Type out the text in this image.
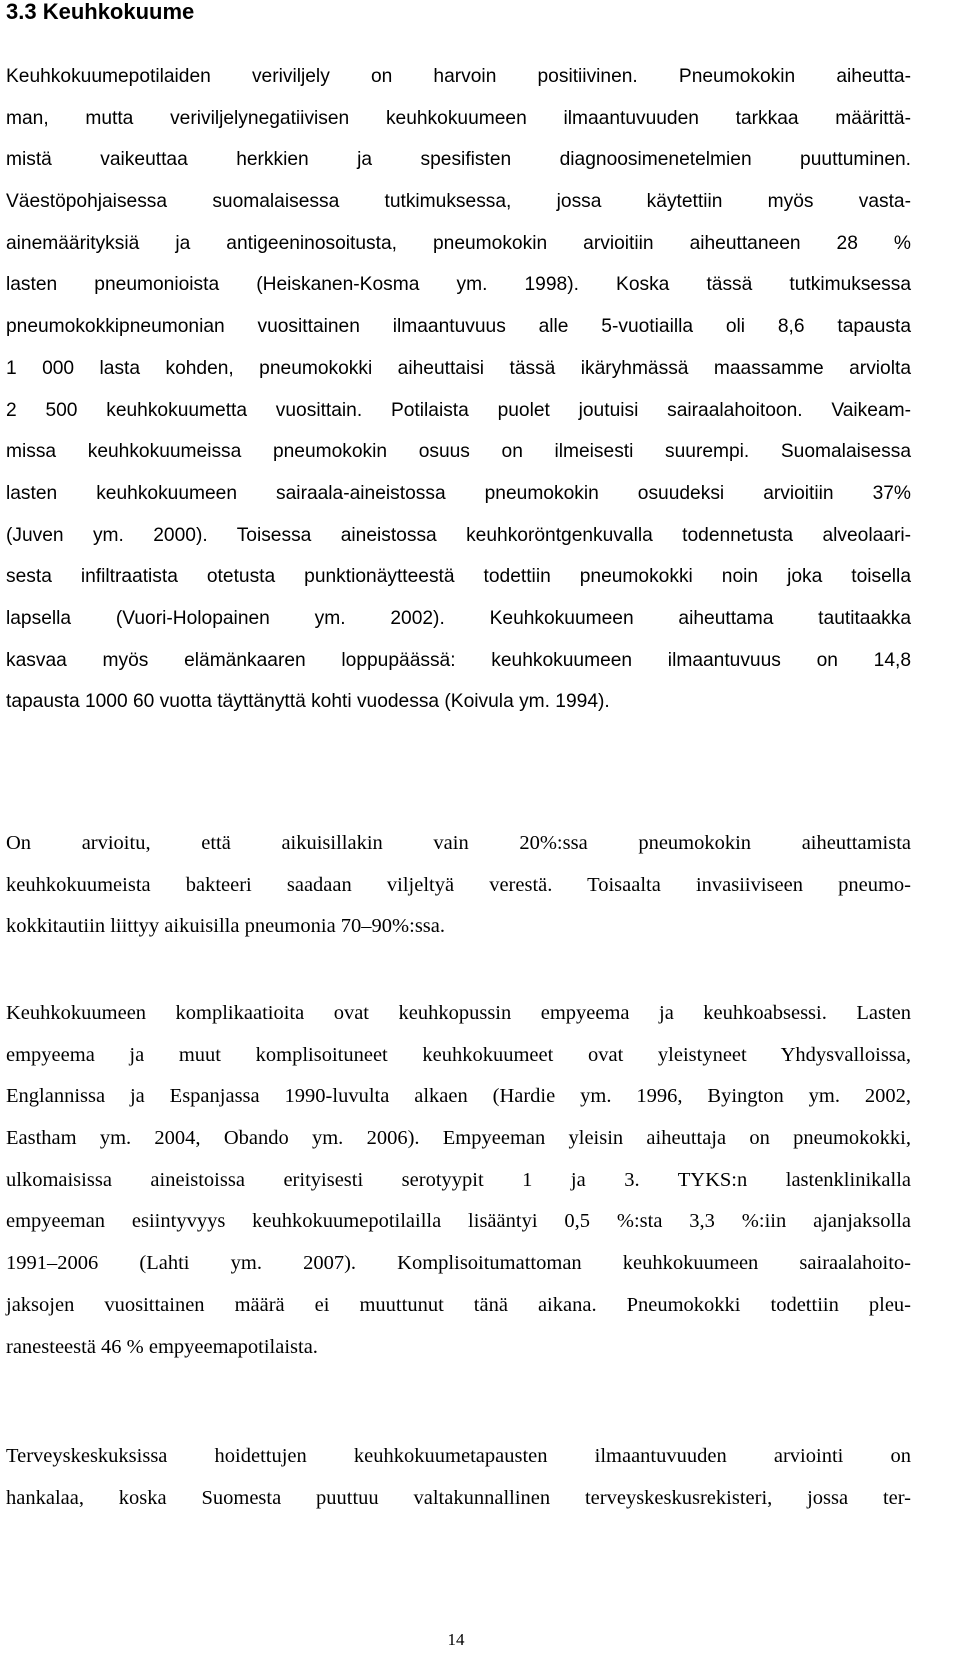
3.3 Keuhkokuume
Keuhkokuumepotilaiden veriviljely on harvoin positiivinen. Pneumokokin aiheutta-
man, mutta veriviljelynegatiivisen keuhkokuumeen ilmaantuvuuden tarkkaa määrittä-
mistä vaikeuttaa herkkien ja spesifisten diagnoosimenetelmien puuttuminen.
Väestöpohjaisessa suomalaisessa tutkimuksessa, jossa käytettiin myös vasta-
ainemäärityksiä ja antigeeninosoitusta, pneumokokin arvioitiin aiheuttaneen 28 %
lasten pneumonioista (Heiskanen-Kosma ym. 1998). Koska tässä tutkimuksessa
pneumokokkipneumonian vuosittainen ilmaantuvuus alle 5-vuotiailla oli 8,6 tapausta
1 000 lasta kohden, pneumokokki aiheuttaisi tässä ikäryhmässä maassamme arviolta
2 500 keuhkokuumetta vuosittain. Potilaista puolet joutuisi sairaalahoitoon. Vaikeam-
missa keuhkokuumeissa pneumokokin osuus on ilmeisesti suurempi. Suomalaisessa
lasten keuhkokuumeen sairaala-aineistossa pneumokokin osuudeksi arvioitiin 37%
(Juven ym. 2000). Toisessa aineistossa keuhkoröntgenkuvalla todennetusta alveolaari-
sesta infiltraatista otetusta punktionäytteestä todettiin pneumokokki noin joka toisella
lapsella (Vuori-Holopainen ym. 2002). Keuhkokuumeen aiheuttama tautitaakka
kasvaa myös elämänkaaren loppupäässä: keuhkokuumeen ilmaantuvuus on 14,8
tapausta 1000 60 vuotta täyttänyttä kohti vuodessa (Koivula ym. 1994).
On arvioitu, että aikuisillakin vain 20%:ssa pneumokokin aiheuttamista
keuhkokuumeista bakteeri saadaan viljeltyä verestä. Toisaalta invasiiviseen pneumo-
kokkitautiin liittyy aikuisilla pneumonia 70–90%:ssa.
Keuhkokuumeen komplikaatioita ovat keuhkopussin empyeema ja keuhkoabsessi. Lasten
empyeema ja muut komplisoituneet keuhkokuumeet ovat yleistyneet Yhdysvalloissa,
Englannissa ja Espanjassa 1990-luvulta alkaen (Hardie ym. 1996, Byington ym. 2002,
Eastham ym. 2004, Obando ym. 2006). Empyeeman yleisin aiheuttaja on pneumokokki,
ulkomaisissa aineistoissa erityisesti serotyypit 1 ja 3. TYKS:n lastenklinikalla
empyeeman esiintyvyys keuhkokuumepotilailla lisääntyi 0,5 %:sta 3,3 %:iin ajanjaksolla
1991–2006 (Lahti ym. 2007). Komplisoitumattoman keuhkokuumeen sairaalahoito-
jaksojen vuosittainen määrä ei muuttunut tänä aikana. Pneumokokki todettiin pleu-
ranesteestä 46 % empyeemapotilaista.
Terveyskeskuksissa hoidettujen keuhkokuumetapausten ilmaantuvuuden arviointi on
hankalaa, koska Suomesta puuttuu valtakunnallinen terveyskeskusrekisteri, jossa ter-
14
